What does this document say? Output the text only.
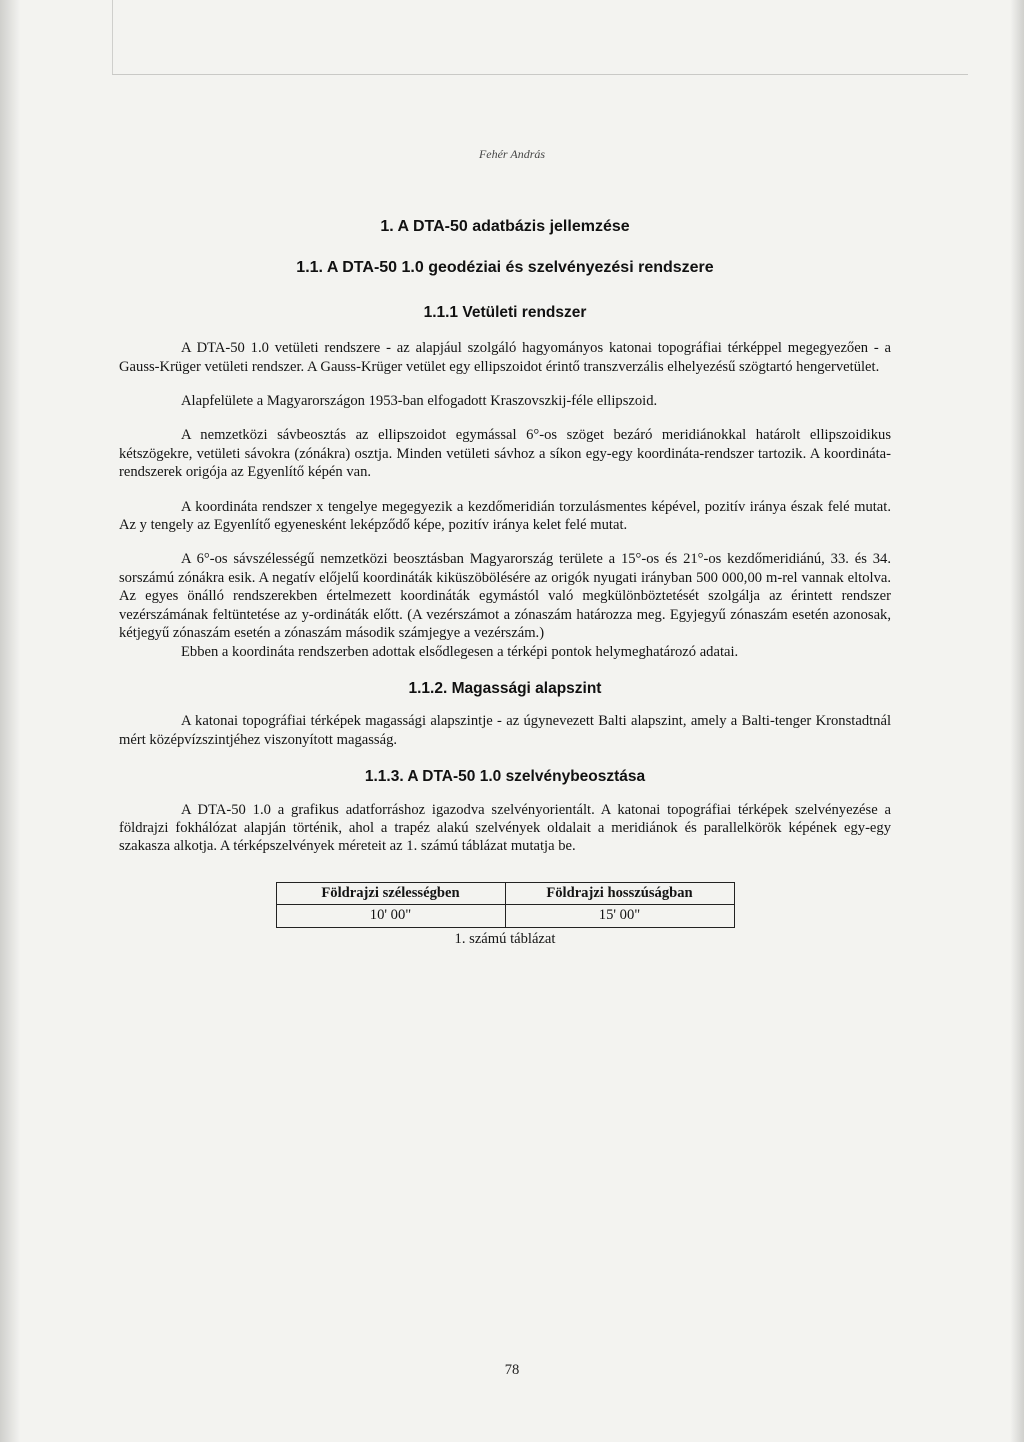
Fehér András
1. A DTA-50 adatbázis jellemzése
1.1. A DTA-50 1.0 geodéziai és szelvényezési rendszere
1.1.1 Vetületi rendszer

A DTA-50 1.0 vetületi rendszere - az alapjául szolgáló hagyományos katonai topográfiai térképpel megegyezően - a Gauss-Krüger vetületi rendszer. A Gauss-Krüger vetület egy ellipszoidot érintő transzverzális elhelyezésű szögtartó hengervetület.

Alapfelülete a Magyarországon 1953-ban elfogadott Kraszovszkij-féle ellipszoid.

A nemzetközi sávbeosztás az ellipszoidot egymással 6°-os szöget bezáró meridiánokkal határolt ellipszoidikus kétszögekre, vetületi sávokra (zónákra) osztja. Minden vetületi sávhoz a síkon egy-egy koordináta-rendszer tartozik. A koordináta-rendszerek origója az Egyenlítő képén van.

A koordináta rendszer x tengelye megegyezik a kezdőmeridián torzulásmentes képével, pozitív iránya észak felé mutat. Az y tengely az Egyenlítő egyenesként leképződő képe, pozitív iránya kelet felé mutat.

A 6°-os sávszélességű nemzetközi beosztásban Magyarország területe a 15°-os és 21°-os kezdőmeridiánú, 33. és 34. sorszámú zónákra esik. A negatív előjelű koordináták kiküszöbölésére az origók nyugati irányban 500 000,00 m-rel vannak eltolva. Az egyes önálló rendszerekben értelmezett koordináták egymástól való megkülönböztetését szolgálja az érintett rendszer vezérszámának feltüntetése az y-ordináták előtt. (A vezérszámot a zónaszám határozza meg. Egyjegyű zónaszám esetén azonosak, kétjegyű zónaszám esetén a zónaszám második számjegye a vezérszám.)

Ebben a koordináta rendszerben adottak elsődlegesen a térképi pontok helymeghatározó adatai.

1.1.2. Magassági alapszint

A katonai topográfiai térképek magassági alapszintje - az úgynevezett Balti alapszint, amely a Balti-tenger Kronstadtnál mért középvízszintjéhez viszonyított magasság.

1.1.3. A DTA-50 1.0 szelvénybeosztása

A DTA-50 1.0 a grafikus adatforráshoz igazodva szelvényorientált. A katonai topográfiai térképek szelvényezése a földrajzi fokhálózat alapján történik, ahol a trapéz alakú szelvények oldalait a meridiánok és parallelkörök képének egy-egy szakasza alkotja. A térképszelvények méreteit az 1. számú táblázat mutatja be.

Földrajzi szélességben	Földrajzi hosszúságban
10' 00"	15' 00"
1. számú táblázat
78
